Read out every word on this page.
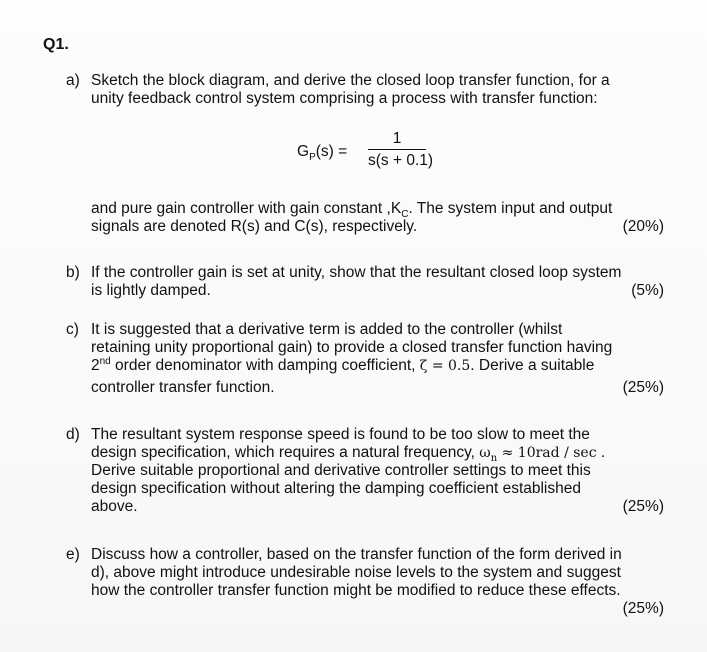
Q1.
a) Sketch the block diagram, and derive the closed loop transfer function, for a
unity feedback control system comprising a process with transfer function:
$G_P(s)$ =
1
s(s + 0.1)
and pure gain controller with gain constant $,K_C$. The system input and output
signals are denoted R(s) and C(s), respectively.	(20%)
b) If the controller gain is set at unity, show that the resultant closed loop system
is lightly damped.	(5%)
c) It is suggested that a derivative term is added to the controller (whilst
retaining unity proportional gain) to provide a closed transfer function having
2nd order denominator with damping coefficient, ζ = 0.5. Derive a suitable
controller transfer function.	(25%)
d) The resultant system response speed is found to be too slow to meet the
design specification, which requires a natural frequency, $\omega_n \approx 10rad / \sec$ .
Derive suitable proportional and derivative controller settings to meet this
design specification without altering the damping coefficient established
above.	(25%)
e) Discuss how a controller, based on the transfer function of the form derived in
d), above might introduce undesirable noise levels to the system and suggest
how the controller transfer function might be modified to reduce these effects.
(25%)
